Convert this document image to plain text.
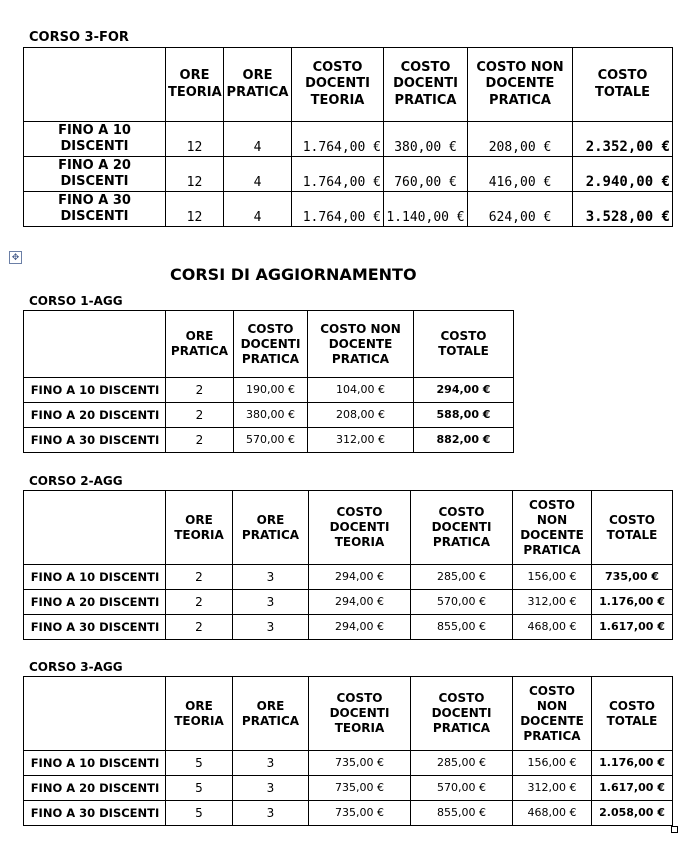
CORSO 3-FOR
	ORE TEORIA	ORE PRATICA	COSTO DOCENTI TEORIA	COSTO DOCENTI PRATICA	COSTO NON DOCENTE PRATICA	COSTO TOTALE
FINO A 10 DISCENTI	12	4	1.764,00 €	380,00 €	208,00 €	2.352,00 €
FINO A 20 DISCENTI	12	4	1.764,00 €	760,00 €	416,00 €	2.940,00 €
FINO A 30 DISCENTI	12	4	1.764,00 €	1.140,00 €	624,00 €	3.528,00 €
✥
CORSI DI AGGIORNAMENTO
CORSO 1-AGG
	ORE PRATICA	COSTO DOCENTI PRATICA	COSTO NON DOCENTE PRATICA	COSTO TOTALE
FINO A 10 DISCENTI	2	190,00 €	104,00 €	294,00 €
FINO A 20 DISCENTI	2	380,00 €	208,00 €	588,00 €
FINO A 30 DISCENTI	2	570,00 €	312,00 €	882,00 €
CORSO 2-AGG
	ORE TEORIA	ORE PRATICA	COSTO DOCENTI TEORIA	COSTO DOCENTI PRATICA	COSTO NON DOCENTE PRATICA	COSTO TOTALE
FINO A 10 DISCENTI	2	3	294,00 €	285,00 €	156,00 €	735,00 €
FINO A 20 DISCENTI	2	3	294,00 €	570,00 €	312,00 €	1.176,00 €
FINO A 30 DISCENTI	2	3	294,00 €	855,00 €	468,00 €	1.617,00 €
CORSO 3-AGG
	ORE TEORIA	ORE PRATICA	COSTO DOCENTI TEORIA	COSTO DOCENTI PRATICA	COSTO NON DOCENTE PRATICA	COSTO TOTALE
FINO A 10 DISCENTI	5	3	735,00 €	285,00 €	156,00 €	1.176,00 €
FINO A 20 DISCENTI	5	3	735,00 €	570,00 €	312,00 €	1.617,00 €
FINO A 30 DISCENTI	5	3	735,00 €	855,00 €	468,00 €	2.058,00 €
